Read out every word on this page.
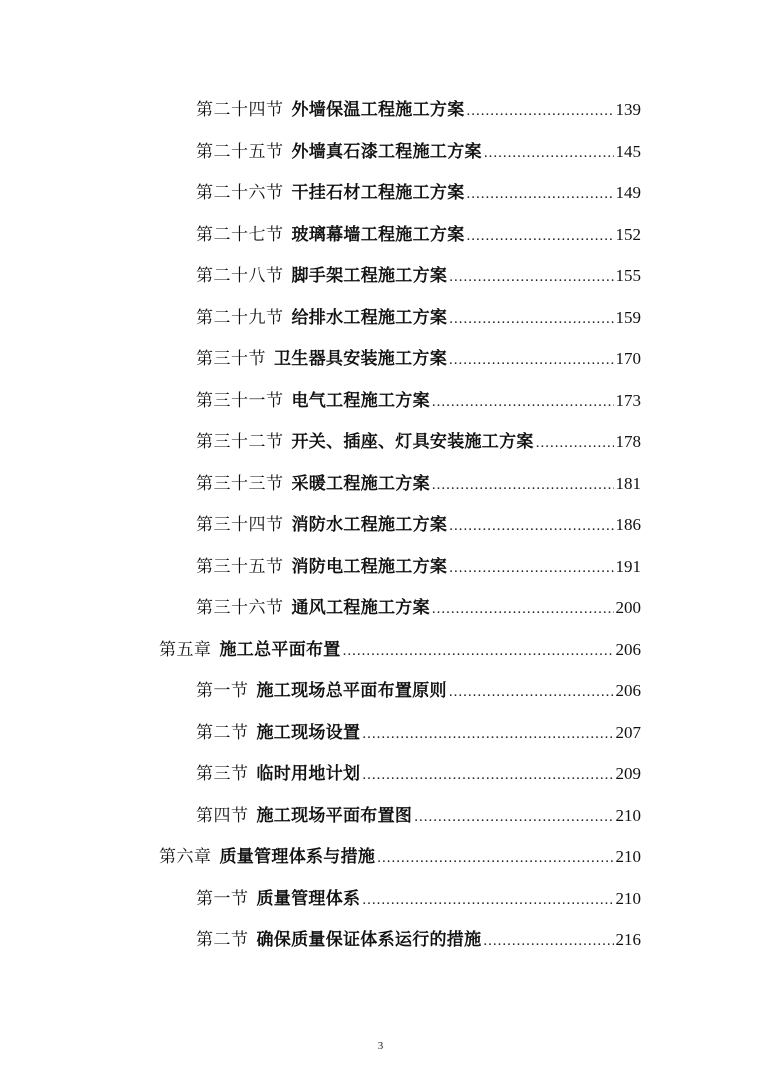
第二十四节 外墙保温工程施工方案 .....	139
第二十五节 外墙真石漆工程施工方案 .....	145
第二十六节 干挂石材工程施工方案 .....	149
第二十七节 玻璃幕墙工程施工方案 .....	152
第二十八节 脚手架工程施工方案 .....	155
第二十九节 给排水工程施工方案 .....	159
第三十节 卫生器具安装施工方案 .....	170
第三十一节 电气工程施工方案 .....	173
第三十二节 开关、插座、灯具安装施工方案 .....	178
第三十三节 采暖工程施工方案 .....	181
第三十四节 消防水工程施工方案 .....	186
第三十五节 消防电工程施工方案 .....	191
第三十六节 通风工程施工方案 .....	200
第五章 施工总平面布置 .....	206
第一节 施工现场总平面布置原则 .....	206
第二节 施工现场设置 .....	207
第三节 临时用地计划 .....	209
第四节 施工现场平面布置图 .....	210
第六章 质量管理体系与措施 .....	210
第一节 质量管理体系 .....	210
第二节 确保质量保证体系运行的措施 .....	216
3
